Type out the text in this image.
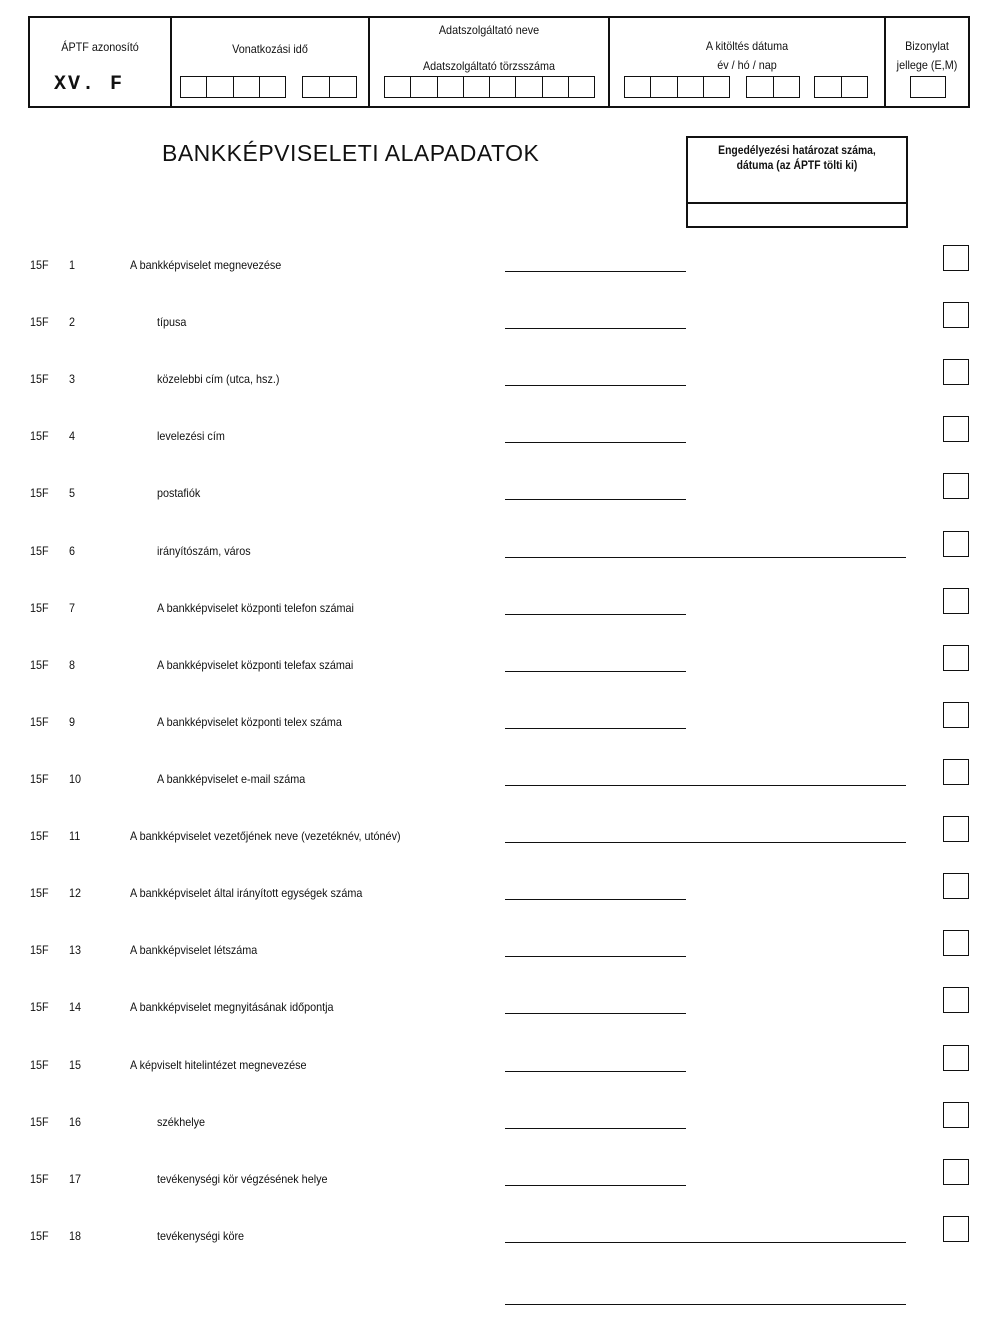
ÁPTF azonosító
XV. F
Vonatkozási idő
Adatszolgáltató neve
Adatszolgáltató törzsszáma
A kitöltés dátuma
év / hó / nap
Bizonylat
jellege (E,M)
BANKKÉPVISELETI ALAPADATOK	Engedélyezési határozat száma,
dátuma (az ÁPTF tölti ki)
15F 1	A bankképviselet megnevezése
15F 2	típusa
15F 3	közelebbi cím (utca, hsz.)
15F 4	levelezési cím
15F 5	postafiók
15F 6	irányítószám, város
15F 7	A bankképviselet központi telefon számai
15F 8	A bankképviselet központi telefax számai
15F 9	A bankképviselet központi telex száma
15F 10	A bankképviselet e-mail száma
15F 11	A bankképviselet vezetőjének neve (vezetéknév, utónév)
15F 12	A bankképviselet által irányított egységek száma
15F 13	A bankképviselet létszáma
15F 14	A bankképviselet megnyitásának időpontja
15F 15	A képviselt hitelintézet megnevezése
15F 16	székhelye
15F 17	tevékenységi kör végzésének helye
15F 18	tevékenységi köre
